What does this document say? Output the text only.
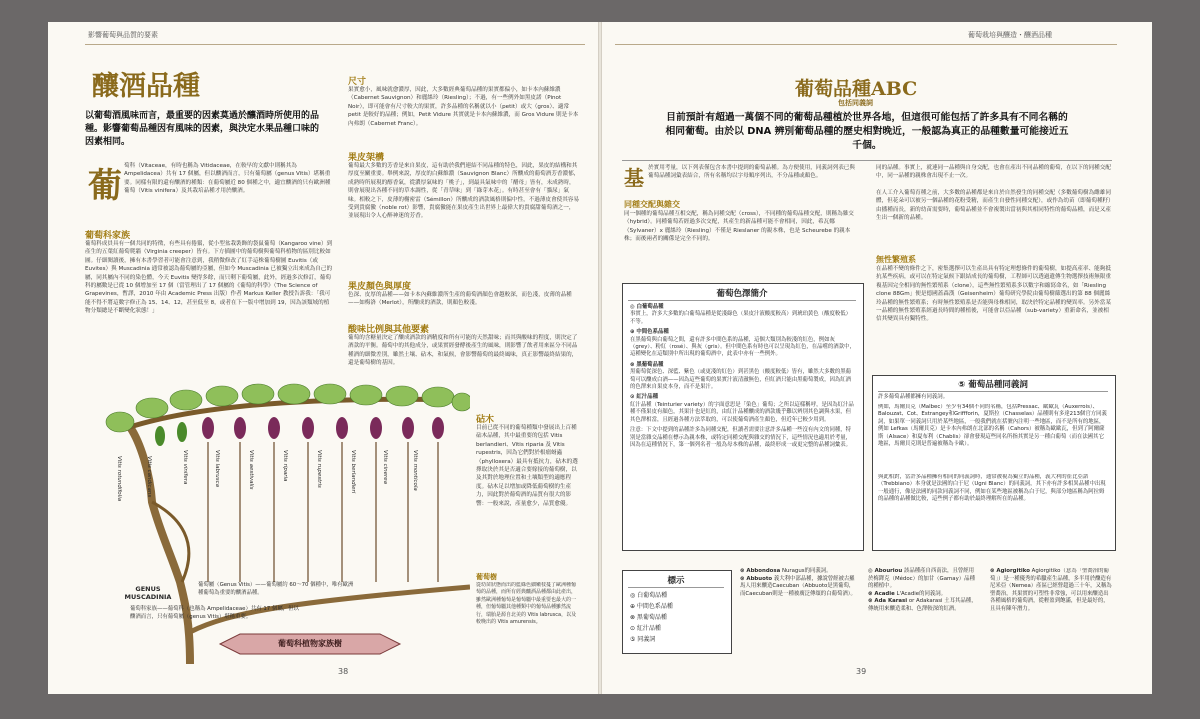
影響葡萄與品質的要素	葡萄栽培與釀造・釀酒品種
釀酒品種

以葡萄酒風味而言，最重要的因素莫過於釀酒時所使用的品種。影響葡萄品種因有風味的因素，與決定水果品種口味的因素相同。

葡 萄科（Vitaceae，有時也稱為 Vitidaceae，在較早的文獻中則稱其為 Ampelidacea）共有 17 個屬，但以釀酒而言，只有葡萄屬（genus Vitis）堪稱重要。同樣有限的還有釀酒的種類：在葡萄屬近 80 個種之中，適宜釀酒的只有歐洲種葡萄（Vitis vinifera）及其栽培品種才用於釀酒。

葡萄科家族

葡萄科成員具有一個共同的特徵，有些具有捲鬚，從小型盆栽裝飾的袋鼠葡萄（Kangaroo vine）到產生的五葉紅葡萄爬牆（Virginia creeper）皆有。下方插圖中的葡萄樹與葡萄科植物的區別比較如圖。仔細閱讀後，擁有本書學習者可能會注意到，我稍微修改了紅手這株葡萄樹圖 Euvitis（或 Euvites）與 Muscadinia 通常被認為葡萄屬的亞屬，但如今 Muscadinia 已被獨立出來成為自己的屬，同其屬內不同的染色體，今天 Euvitis 變得多餘，而只剩下葡萄屬，此外，經過多次修訂，葡萄科的屬數是已從 10 個增加至 17 個（當管理出了 17 個屬的《葡萄的科學》（The Science of Grapevines，暫譯，2010 年由 Academic Press 出版）作者 Markus Keller 教授告訴我：「我可能不得不將這數字修正為 15、14、12，甚至低至 8，或者在下一版中增加到 19，因為該類域的植物分類總是不斷變化狀態！」

尺寸

果實愈小，風味就愈濃厚，因此，大多數經典葡萄品種的果實都偏小，如卡本內蘇維濃（Cabernet Sauvignon）和麗絲玲（Riesling）；不過，有一些例外如黑皮諾（Pinot Noir），即可能會有尺寸較大的果實，許多品種的名稱就以小（petit）或大（gros）、適常 petit 是較好的品種；例如，Petit Vidure 其實就是卡本內蘇維濃，而 Gros Vidure 則是卡本內弗朗（Cabernet Franc）。

果皮架構

葡萄最大多數的芳香是來自果皮，這有助於我們連結不同品種的特色，因此，果皮的結構和其厚度至關重要。舉例來說，厚皮的白蘇維濃（Sauvignon Blanc）所釀成的葡萄酒芳香濃郁，成熟時所展現的醇香氣，從濃厚氣味的「桃子」，到最具氣味中的「醋母」皆有，未成熟時，則會展現出各種不同的草本調性，從「青草味」到「綠芽木花」。有時甚至會有「貓尿」氣味。相較之下，皮薄的榭密雷（Sémillon）所釀成的酒款風格則偏中性，不過薄皮會使其容易受到貴腐黴（noble rot）影響，貴腐黴能在果皮產生出世界上最偉大的貴腐甜葡萄酒之一，並展現出令人心醉神迷的芳香。

果皮顏色與厚度

色深、皮厚的品種——如卡本內蘇維濃所生產的葡萄酒顏色會越較深，而色淺，皮薄的品種——如梅洛（Merlot），所釀成的酒款，則顏色較淺。

酸味比例與其他要素

葡萄的含糖量決定了釀成酒款的酒精度和所有可能的天然甜味；而其與酸味的程度，則決定了酒款的平衡。葡萄中的其他成分，或果實經發酵後產生的風味，則影響了飲者用來區分不同品種酒的細微差別，雖然土壤、砧木，和氣候，會影響葡萄的最終風味，真正影響最終結果的，還是葡萄樹的基因。

砧木

目前已從不同的葡萄種類中發展出上百種砧木品種，其中最重要的包括 Vitis berlandieri、Vitis riparia 及 Vitis rupestris，因為它們對於根瘤蚜蟲（phylloxera）最具有抵抗力，砧木的選擇取決於其是否適合要嫁接的葡萄樹，以及其對於地理位置和土壤類型的適應程度。砧木足以增加或降低葡萄樹的生產力，因此對於葡萄酒的品質有很大的影響：一般來說，產量愈少，品質愈優。

葡萄樹

從幼苗狀態而出的藍綠色細嫩枝蔓了歐洲種葡萄的品種，而所有經典釀酒品種都由此產出，雖然歐洲種葡萄是葡萄屬中最重要也最大的一種，但葡萄屬其他種類中的葡萄品種雖然流行，瑞胎是源自北美的 Vitis labrusca，以及較晚出的 Vitis amurensis。

Vitis vinifera	Vitis labrusca	Vitis aestivalis	Vitis riparia	Vitis rupestris	Vitis berlandieri	Vitis cinerea	Vitis monticola
Vitis candicans
Vitis rotundifolia
GENUS MUSCADINIA

葡萄屬（Genus Vitis）——葡萄屬約 60～70 個種中，唯有歐洲種葡萄為重要的釀酒品種。

葡萄科家族——葡萄科（也稱為 Ampelidaceae）共有 17 個屬，但以釀酒而言，只有葡萄屬（genus Vitis）堪稱重要。

葡萄科植物家族樹
38
葡萄品種ABC
包括同義詞

目前預計有超過一萬個不同的葡萄品種植於世界各地，但這很可能包括了許多具有不同名稱的相同葡萄。由於以 DNA 辨別葡萄品種的歷史相對晚近，一般認為真正的品種數量可能接近五千個。

基 於實用考量，以下列表僅包含本書中提到的葡萄品種。為方便使用，同義詞列表已與葡萄品種詞彙表結合，所有名稱均以字母順序列出，不分品種或顏色。

同種交配與雜交

同一個種的葡萄品種互相交配，稱為同種交配（cross），不同種的葡萄品種交配，則稱為雜交（hybrid）。同種葡萄若經過多次交配，其產生的新品種可能不會相同，因此，希瓦娜（Sylvaner）x 麗絲玲（Riesling）不僅是 Rieslaner 的親本株，也是 Scheurebe 的親本株；而後兩者的關係是完全不同的。

同的品種。事實上，就連同一品種與自身交配，也會在產出不同品種的葡萄，在以下的同種交配中，同一品種的親株會出現不止一次。

在人工介入葡萄育種之前，大多數的品種都是來自於自然發生的同種交配（多數葡萄樹為雌雄同體，但花朵可以被另一個品種的花粉受精，而產生自發性同種交配），或作為幼苗（即葡萄種籽）由播種而長，新的幼苗需要時，葡萄品種並不會複製出當初與其相同特性的葡萄品種，而是又產生出一個新的品種。

無性繁殖系

在品種不變的條件之下，密集選擇可以生產出具有特定理想條件的葡萄樹，如提高產率、能夠抵抗某些疾病，或可以在特定氣候下跟結成長的葡萄樹，工程師可以透過遺傳生物選擇技術無限重複基因完全相同的無性繁殖系（clone），這些無性繁殖系多以數字和縮寫命名，如「Riesling clone 88Gm」便是德國蓋森漢（Geisenheim）葡萄研究學院由葡萄樹篩選出的第 88 個麗絲玲品種的無性繁殖系；有時無性繁殖系是否能與母株相同，取決於特定品種的變異率。另外當某一品種的無性繁殖系經過長時間的種植後，可能會以亞品種（sub-variety）重新命名，並被相信其變異具有獨特性。

葡萄色澤簡介
◎ 白葡萄品種
事實上，許多大多數的白葡萄品種是從淺綠色（果皮汁液酸度較高）到琥珀黃色（酸度較低）不等。
⊕ 中間色系品種
在黑葡萄與白葡萄之間，還有許多中間色系的品種，這個大類別為較淺的紅色，例如灰（grey）、粉紅（rosé）、與灰（gris）。但中間色系有時也可以呈現為紅色，在品嚐的酒款中，這種變化在這類別中所出現的葡萄酒中，此表中亦有一些例外。
⊗ 黑葡萄品種
黑葡萄從深色、深藍、紫色（或更淺的紅色）到甚黑色（酸度較低）皆有，雖然大多數的黑葡萄可以釀成白酒——因為這些葡萄的果實汁液清澈無色，但紅酒只能由黑葡萄製成，因為紅酒的色澤來自果皮本身，而不是果汁。
⊙ 紅汁品種
紅汁品種（Teinturier variety）的字面意思是「染色」葡萄；之所以這樣稱呼，是因為紅汁品種不僅果皮有顏色，其果汁也是紅的，由紅汁品種釀成的酒款幾乎難以辨別其色調與水果，但其色澤相當，且經過各種方法萃取的，可以使葡萄酒產生顏色，但近年已較少用到。
注意：下文中提到的品種許多為同種交配，但讀者需要注意許多品種一些沒有內文的同種，特別是當雜交品種在標示為親本株，或特定同種交配與雜交的情況下，這些情況也適用於考量，因為在這種情況下，第一個列名者一般為母本株的品種，最終形成一或更完整的品種詞彙表。
⑤ 葡萄品種同義詞

許多葡萄品種都擁有同義詞。

例如，馬爾貝克（Malbec）至少有34個不同的名稱，包括Pressac、歐歐瓦（Auxerrois）、Balouzat、Cot、Estrangey和Griffforin，夏斯拉（Chasselas）品種則有多達213個官方同義詞，如果單一同義詞只用於某些地區，一般我們就在括號內注明一些地區，而不是所有的地區，例如 Lefkas（馬爾貝克）是卡本內弗朗在北部的名稱（Cahors）被稱為歐歐瓦，但到了阿爾薩斯（Alsace）和夏布利（Chablis）卻會發現這些同名所指其實是另一種白葡萄（而在法國其它地區，馬爾貝克則是普遍被稱為卡歐）。

與此相對，當許多品種擁有相同的同義詞時，通常被視為獨立的品種，義大利的崔比亞諾（Trebbiano）本身就是法國的白于尼（Ugni Blanc）的同義詞，其下亦有許多相異品種中出現一般通行，像是法國的同款同義詞不同，例如在某些地區被稱為白于尼，與部分地區稱為阿拉姆的品種的品種做比較，這些例子都有助於最終理解所在的品種。

標示
◎ 白葡萄品種
⊕ 中間色系品種
⊗ 黑葡萄品種
⊙ 紅汁品種
⑤ 同義詞
⊗ Abbondosa Nuragus的同義詞。
⊗ Abbuoto 義大利中部品種，據說曾經被古羅馬人用來釀造Caecuban（Abbuoto是黑葡萄，而Caecuban則是一種被廣泛傳頌的白葡萄酒）。
◎ Abouriou 該品種產自西南法，且曾經用於梅鐸克（Médoc）的加甘（Gamay）品種的種植中。
⊗ Acadie L'Acadie的同義詞。
⊗ Ada Karasi or Adakarasi 土耳其品種，傳統用來釀造柔和、色澤較深的紅酒。
⊗ Agiorgitiko Agiorgitiko（意為「聖喬治的葡萄」）是一種優秀的希臘產生品種，多半用於釀造有尼米亞（Nemea）產區已經營超過三十年，又稱為聖喬治，其果實的可塑性非常強，可以用來釀造出各種風格的葡萄酒，從輕盈到飽滿，但是最好的，且具有陳年潛力。
39
